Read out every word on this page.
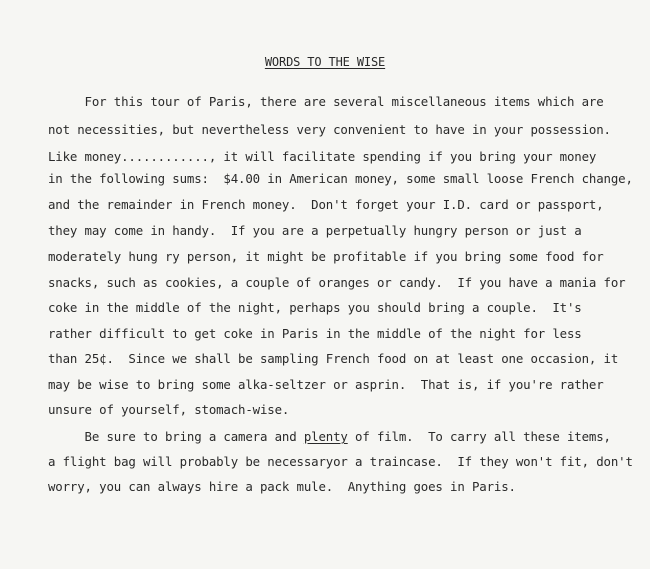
WORDS TO THE WISE
For this tour of Paris, there are several miscellaneous items which are
not necessities, but nevertheless very convenient to have in your possession.
Like money............, it will facilitate spending if you bring your money
in the following sums:  $4.00 in American money, some small loose French change,
and the remainder in French money.  Don't forget your I.D. card or passport,
they may come in handy.  If you are a perpetually hungry person or just a
moderately hung ry person, it might be profitable if you bring some food for
snacks, such as cookies, a couple of oranges or candy.  If you have a mania for
coke in the middle of the night, perhaps you should bring a couple.  It's
rather difficult to get coke in Paris in the middle of the night for less
than 25¢.  Since we shall be sampling French food on at least one occasion, it
may be wise to bring some alka-seltzer or asprin.  That is, if you're rather
unsure of yourself, stomach-wise.
Be sure to bring a camera and plenty of film.  To carry all these items,
a flight bag will probably be necessaryor a traincase.  If they won't fit, don't
worry, you can always hire a pack mule.  Anything goes in Paris.
